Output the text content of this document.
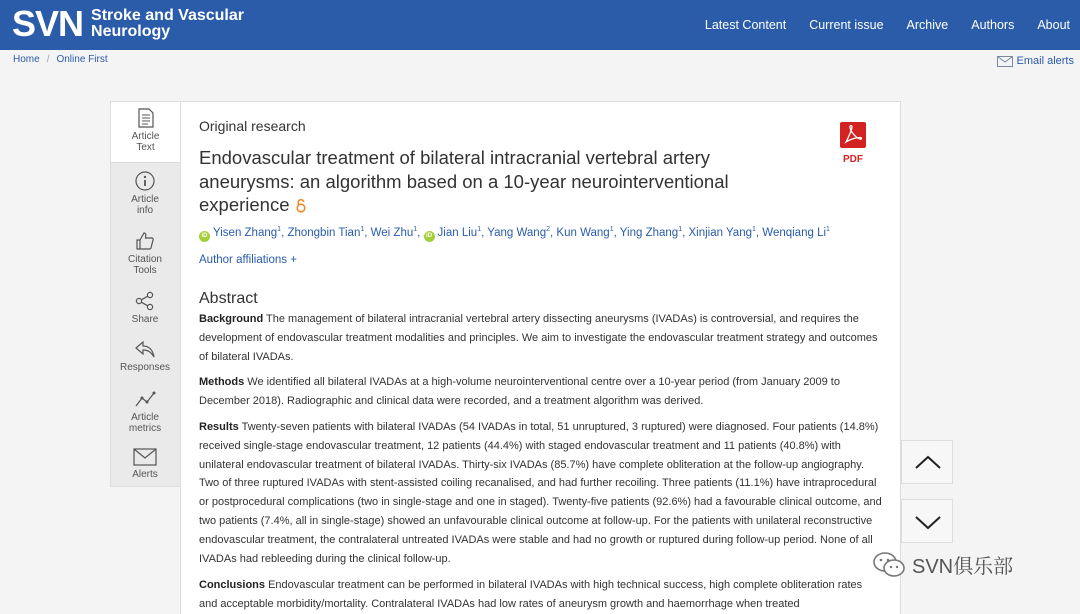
SVN Stroke and Vascular
Neurology	Latest Content Current issue Archive Authors About
Home / Online First	Email alerts
Article
Text
Article
info
Citation
Tools
Share
Responses
Article
metrics
Alerts
Original research
Endovascular treatment of bilateral intracranial vertebral artery aneurysms: an algorithm based on a 10-year neurointerventional experience
PDF
iD Yisen Zhang$^1$, Zhongbin Tian$^1$, Wei Zhu$^1$, iD Jian Liu$^1$, Yang Wang$^2$, Kun Wang$^1$, Ying Zhang$^1$, Xinjian Yang$^1$, Wenqiang Li$^1$
Author affiliations +
Abstract

Background The management of bilateral intracranial vertebral artery dissecting aneurysms (IVADAs) is controversial, and requires the development of endovascular treatment modalities and principles. We aim to investigate the endovascular treatment strategy and outcomes of bilateral IVADAs.

Methods We identified all bilateral IVADAs at a high-volume neurointerventional centre over a 10-year period (from January 2009 to December 2018). Radiographic and clinical data were recorded, and a treatment algorithm was derived.

Results Twenty-seven patients with bilateral IVADAs (54 IVADAs in total, 51 unruptured, 3 ruptured) were diagnosed. Four patients (14.8%) received single-stage endovascular treatment, 12 patients (44.4%) with staged endovascular treatment and 11 patients (40.8%) with unilateral endovascular treatment of bilateral IVADAs. Thirty-six IVADAs (85.7%) have complete obliteration at the follow-up angiography. Two of three ruptured IVADAs with stent-assisted coiling recanalised, and had further recoiling. Three patients (11.1%) have intraprocedural or postprocedural complications (two in single-stage and one in staged). Twenty-five patients (92.6%) had a favourable clinical outcome, and two patients (7.4%, all in single-stage) showed an unfavourable clinical outcome at follow-up. For the patients with unilateral reconstructive endovascular treatment, the contralateral untreated IVADAs were stable and had no growth or ruptured during follow-up period. None of all IVADAs had rebleeding during the clinical follow-up.

Conclusions Endovascular treatment can be performed in bilateral IVADAs with high technical success, high complete obliteration rates and acceptable morbidity/mortality. Contralateral IVADAs had low rates of aneurysm growth and haemorrhage when treated

SVN俱乐部
